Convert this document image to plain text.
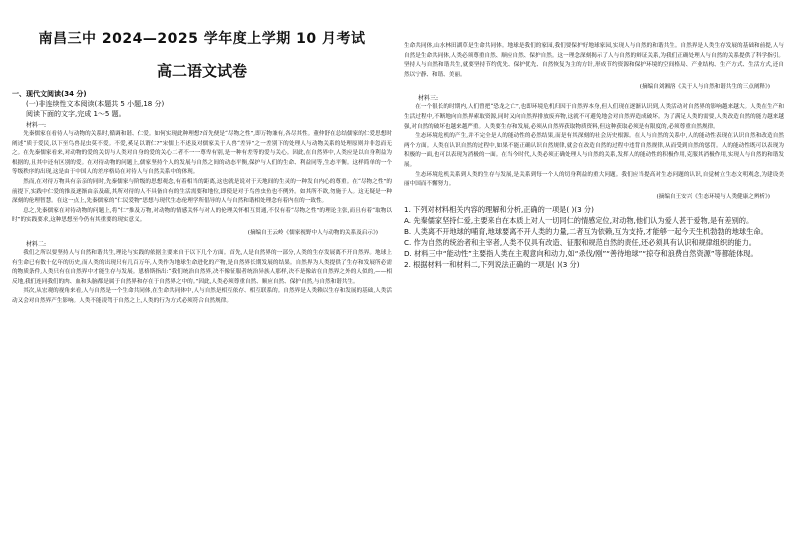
南昌三中 2024—2025 学年度上学期 10 月考试
高二语文试卷
一、现代文阅读(34 分)
(一)非连续性文本阅读(本题共 5 小题,18 分)
阅读下面的文字,完成 1～5 题。
材料一:

先秦儒家在看待人与动物的关系时,循调和谐、仁爱。如何实现此种理想?首先便是“尽物之性”,即万物兼有,各尽其性。董仲舒在总结儒家的仁爱思想时阐述“质于爱民,以下至鸟兽昆虫莫不爱。不爱,奚足以谓仁?”宋儒上不述及对儒家关于人兽“差异”之一差别下的处理人与动物关系的处理原则并非忽而无之。在先秦儒家看来,对动物的爱的关切与人类对自身的爱的关心二者不一一尊卑有别,是一种有差等的爱与关心。因此,在自然界中,人类应是以自身利益为根据的,且其中还有区别的爱。在对待动物的问题上,儒家坚持个人的发展与自然之间的动态平衡,保护与人们的生命、利益同等,生态平衡。这样简单的一个等级秩序的出现,这是由于中国人的差序格局在对待人与自然关系中的体现。

然而,在对待万物具有亲亲的同时,先秦儒家与阶级的思想观念,有着相当的距离,这也就是说对于天地间的生灵的一种发自内心的尊重。在“尽物之性”的前提下,实践中仁爱的推及逐渐由亲及疏,其所对待的人不具备自有的生活需要和地位,即使是对于鸟兽虫鱼也不例外。如其所不欲,勿施于人。这无疑是一种深刻的伦理智慧。在这一点上,先秦儒家的“仁民爱物”思想与现代生态伦理学所倡导的人与自然和谐相处理念有着内在的一致性。

总之,先秦儒家在对待动物的问题上,将“仁”推及万物,对动物的情感关怀与对人的伦理关怀相互贯通,不仅有着“尽物之性”的理论主张,而且有着“取物以时”的实践要求,这种思想至今仍有其重要的现实意义。

(摘编自王云岭《儒家视野中人与动物的关系及启示》)
材料二:

我们之所以要坚持人与自然和谐共生,理论与实践的依据主要来自于以下几个方面。首先,人是自然界的一部分,人类的生存发展离不开自然界。地球上有生命已有数十亿年的历史,而人类的出现只有几百万年,人类作为地球生命进化的产物,是自然界长期发展的结果。自然界为人类提供了生存和发展所必需的物质条件,人类只有在自然界中才能生存与发展。恩格斯指出:“我们统治自然界,决不像征服者统治异族人那样,决不是像站在自然界之外的人似的,——相反地,我们连同我们的肉、血和头脑都是属于自然界和存在于自然界之中的。”因此,人类必须尊重自然、顺应自然、保护自然,与自然和谐共生。

其次,从宏观的视角来看,人与自然是一个生命共同体,在生命共同体中,人与自然是相互依存、相互联系的。自然界是人类赖以生存和发展的基础,人类活动又会对自然界产生影响。人类不能凌驾于自然之上,人类的行为方式必须符合自然规律。

生命共同体,山水林田湖草是生命共同体。地球是我们的家园,我们要保护好地球家园,实现人与自然的和谐共生。自然界是人类生存发展的基础和前提,人与自然是生命共同体,人类必须尊重自然、顺应自然、保护自然。这一理念深刻揭示了人与自然的辩证关系,为我们正确处理人与自然的关系提供了科学指引。坚持人与自然和谐共生,就要坚持节约优先、保护优先、自然恢复为主的方针,形成节约资源和保护环境的空间格局、产业结构、生产方式、生活方式,还自然以宁静、和谐、美丽。

(摘编自刘湘溶《关于人与自然和谐共生的三点阐释》)
材料三:

在一个很长的时期内,人们曾把“恐龙之亡”,也即环境危机归因于自然界本身,但人们现在逐渐认识到,人类活动对自然界的影响越来越大。人类在生产和生活过程中,不断地向自然界索取资源,同时又向自然界排放废弃物,这就不可避免地会对自然界造成破坏。为了满足人类的需要,人类改造自然的能力越来越强,对自然的破坏也越来越严重。人类要生存和发展,必须从自然界获取物质资料,但这种获取必须是有限度的,必须尊重自然规律。

生态环境危机的产生,并不完全是人的能动性的必然结果,而是有其深刻的社会历史根源。在人与自然的关系中,人的能动性表现在认识自然和改造自然两个方面。人类在认识自然的过程中,如果不能正确认识自然规律,就会在改造自然的过程中违背自然规律,从而受到自然的惩罚。人的能动性既可以表现为积极的一面,也可以表现为消极的一面。在当今时代,人类必须正确处理人与自然的关系,发挥人的能动性的积极作用,克服其消极作用,实现人与自然的和谐发展。

生态环境危机关系到人类的生存与发展,是关系到每一个人的切身利益的重大问题。我们应当提高对生态问题的认识,自觉树立生态文明观念,为建设美丽中国而不懈努力。

(摘编自王安兴《生态环境与人类健康之辨析》)

1. 下列对材料相关内容的理解和分析,正确的一项是( )(3 分)

A. 先秦儒家坚持仁爱,主要来自在本质上对人一切同仁的情感定位,对动物,他们认为爱人甚于爱物,是有差别的。

B. 人类离不开地球的哺育,地球要离不开人类的力量,二者互为依赖,互为支持,才能够一起今天生机勃勃的地球生命。

C. 作为自然的统治者和主宰者,人类不仅具有改造、征服和规范自然的责任,还必须具有认识和规律组织的能力。

D. 材料三中“能动性”主要指人类在主观意向和动力,如“杀伐/刚”“善待地球”“掠夺和浪费自然资源”等都能体现。

2. 根据材料一和材料二,下列说法正确的一项是( )(3 分)
